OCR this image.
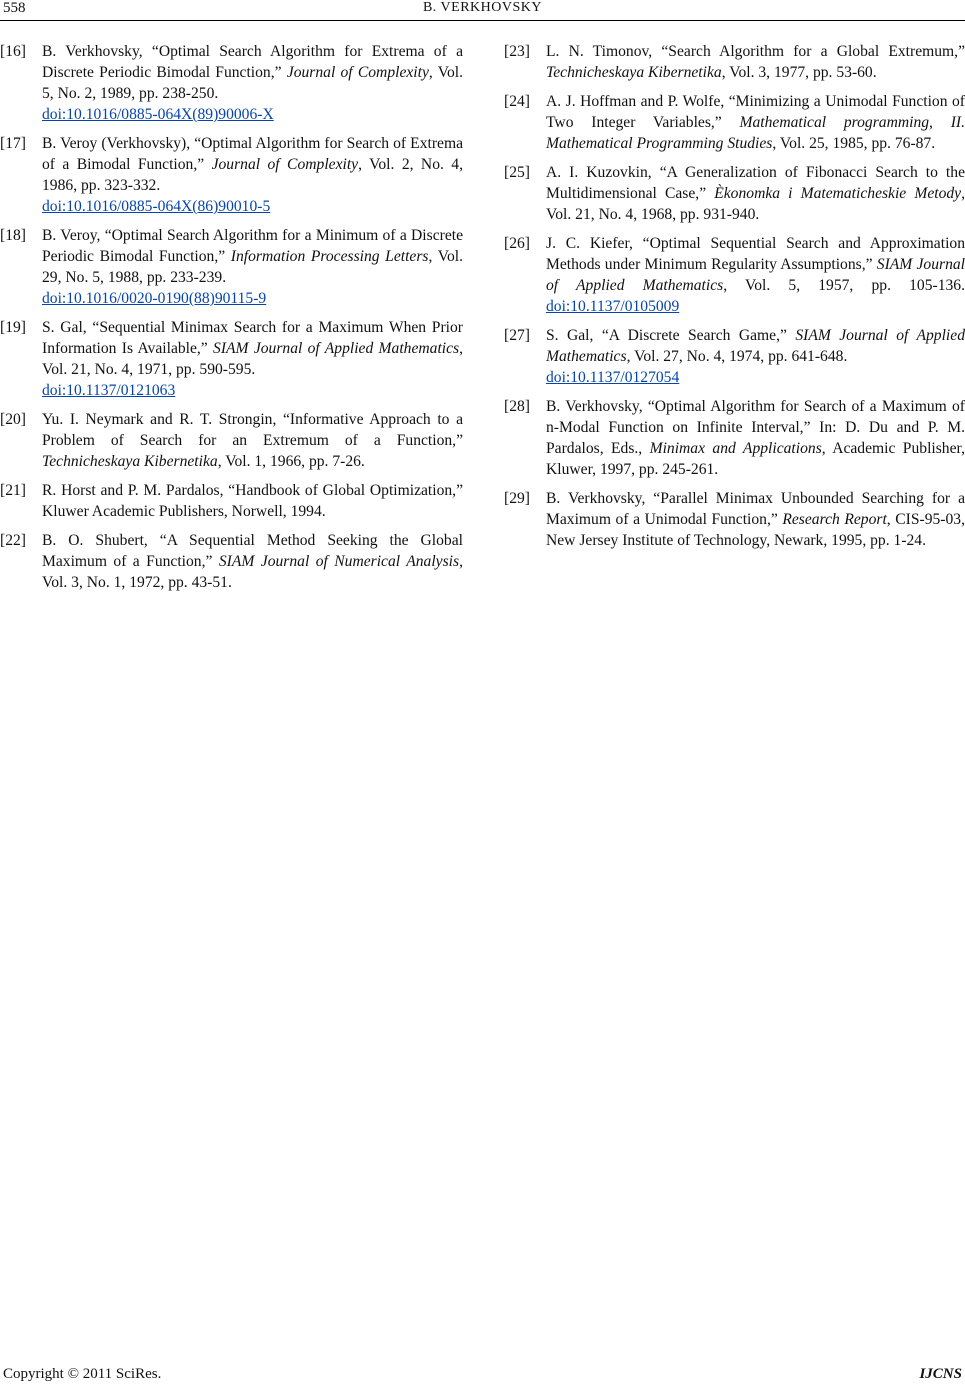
558	B. VERKHOVSKY
[16] B. Verkhovsky, “Optimal Search Algorithm for Extrema of a Discrete Periodic Bimodal Function,” Journal of Complexity, Vol. 5, No. 2, 1989, pp. 238-250.
doi:10.1016/0885-064X(89)90006-X
[17] B. Veroy (Verkhovsky), “Optimal Algorithm for Search of Extrema of a Bimodal Function,” Journal of Complexity, Vol. 2, No. 4, 1986, pp. 323-332.
doi:10.1016/0885-064X(86)90010-5
[18] B. Veroy, “Optimal Search Algorithm for a Minimum of a Discrete Periodic Bimodal Function,” Information Processing Letters, Vol. 29, No. 5, 1988, pp. 233-239.
doi:10.1016/0020-0190(88)90115-9
[19] S. Gal, “Sequential Minimax Search for a Maximum When Prior Information Is Available,” SIAM Journal of Applied Mathematics, Vol. 21, No. 4, 1971, pp. 590-595.
doi:10.1137/0121063
[20] Yu. I. Neymark and R. T. Strongin, “Informative Approach to a Problem of Search for an Extremum of a Function,” Technicheskaya Kibernetika, Vol. 1, 1966, pp. 7-26.
[21] R. Horst and P. M. Pardalos, “Handbook of Global Optimization,” Kluwer Academic Publishers, Norwell, 1994.
[22] B. O. Shubert, “A Sequential Method Seeking the Global Maximum of a Function,” SIAM Journal of Numerical Analysis, Vol. 3, No. 1, 1972, pp. 43-51.
[23] L. N. Timonov, “Search Algorithm for a Global Extremum,” Technicheskaya Kibernetika, Vol. 3, 1977, pp. 53-60.
[24] A. J. Hoffman and P. Wolfe, “Minimizing a Unimodal Function of Two Integer Variables,” Mathematical programming, II. Mathematical Programming Studies, Vol. 25, 1985, pp. 76-87.
[25] A. I. Kuzovkin, “A Generalization of Fibonacci Search to the Multidimensional Case,” Èkonomka i Matematicheskie Metody, Vol. 21, No. 4, 1968, pp. 931-940.
[26] J. C. Kiefer, “Optimal Sequential Search and Approximation Methods under Minimum Regularity Assumptions,” SIAM Journal of Applied Mathematics, Vol. 5, 1957, pp. 105-136. doi:10.1137/0105009
[27] S. Gal, “A Discrete Search Game,” SIAM Journal of Applied Mathematics, Vol. 27, No. 4, 1974, pp. 641-648.
doi:10.1137/0127054
[28] B. Verkhovsky, “Optimal Algorithm for Search of a Maximum of n-Modal Function on Infinite Interval,” In: D. Du and P. M. Pardalos, Eds., Minimax and Applications, Academic Publisher, Kluwer, 1997, pp. 245-261.
[29] B. Verkhovsky, “Parallel Minimax Unbounded Searching for a Maximum of a Unimodal Function,” Research Report, CIS-95-03, New Jersey Institute of Technology, Newark, 1995, pp. 1-24.
Copyright © 2011 SciRes.	IJCNS
